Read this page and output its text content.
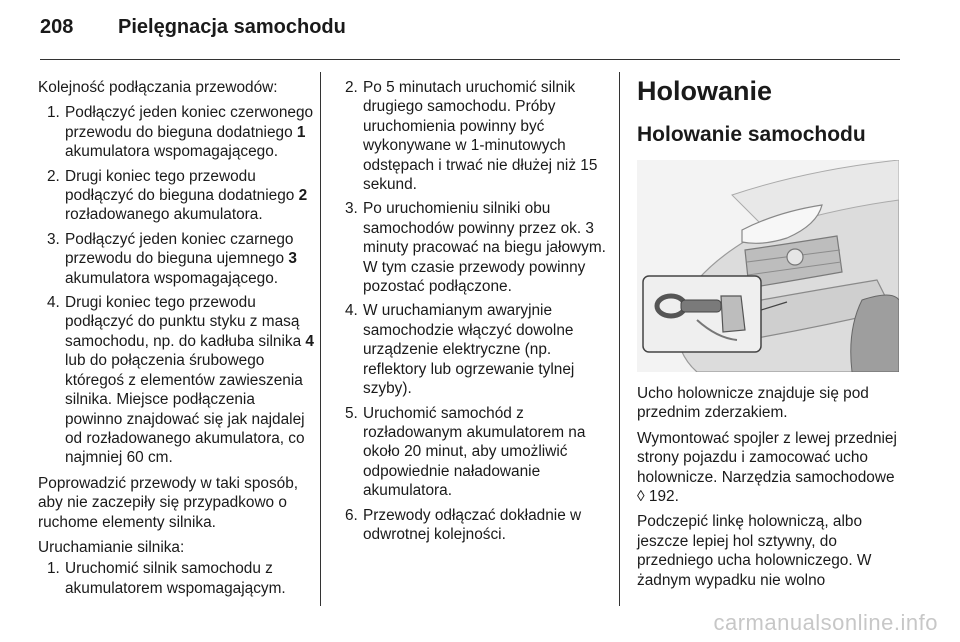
208 Pielęgnacja samochodu

Kolejność podłączania przewodów:

1. Podłączyć jeden koniec czerwonego przewodu do bieguna dodatniego 1 akumulatora wspomagającego.
2. Drugi koniec tego przewodu podłączyć do bieguna dodatniego 2 rozładowanego akumulatora.
3. Podłączyć jeden koniec czarnego przewodu do bieguna ujemnego 3 akumulatora wspomagającego.
4. Drugi koniec tego przewodu podłączyć do punktu styku z masą samochodu, np. do kadłuba silnika 4 lub do połączenia śrubowego któregoś z elementów zawieszenia silnika. Miejsce podłączenia powinno znajdować się jak najdalej od rozładowanego akumulatora, co najmniej 60 cm.

Poprowadzić przewody w taki sposób, aby nie zaczepiły się przypadkowo o ruchome elementy silnika.

Uruchamianie silnika:

1. Uruchomić silnik samochodu z akumulatorem wspomagającym.
2. Po 5 minutach uruchomić silnik drugiego samochodu. Próby uruchomienia powinny być wykonywane w 1-minutowych odstępach i trwać nie dłużej niż 15 sekund.
3. Po uruchomieniu silniki obu samochodów powinny przez ok. 3 minuty pracować na biegu jałowym. W tym czasie przewody powinny pozostać podłączone.
4. W uruchamianym awaryjnie samochodzie włączyć dowolne urządzenie elektryczne (np. reflektory lub ogrzewanie tylnej szyby).
5. Uruchomić samochód z rozładowanym akumulatorem na około 20 minut, aby umożliwić odpowiednie naładowanie akumulatora.
6. Przewody odłączać dokładnie w odwrotnej kolejności.
Holowanie
Holowanie samochodu

Ucho holownicze znajduje się pod przednim zderzakiem.

Wymontować spojler z lewej przedniej strony pojazdu i zamocować ucho holownicze. Narzędzia samochodowe ◊ 192.

Podczepić linkę holowniczą, albo jeszcze lepiej hol sztywny, do przedniego ucha holowniczego. W żadnym wypadku nie wolno

carmanualsonline.info
